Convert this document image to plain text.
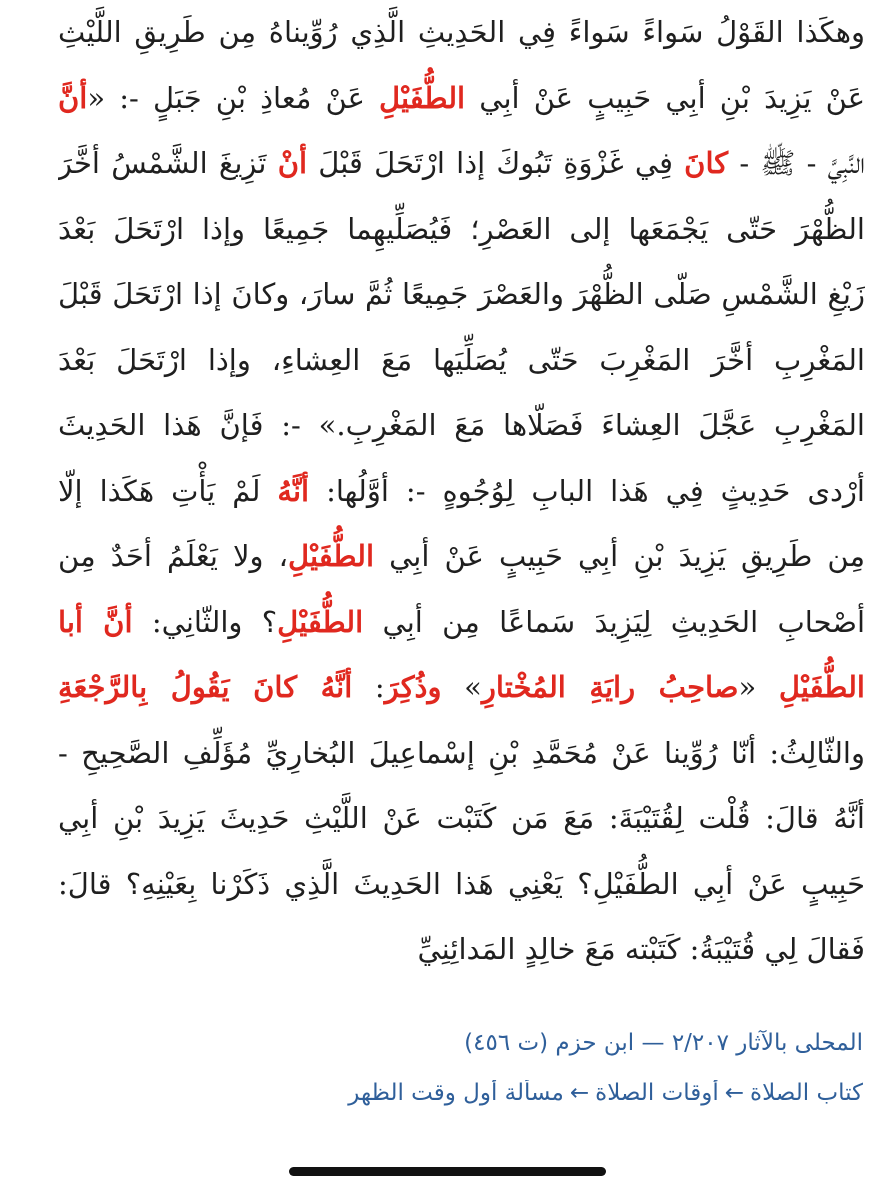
وهكَذا القَوْلُ سَواءً سَواءً فِي الحَدِيثِ الَّذِي رُوِّيناهُ مِن طَرِيقِ اللَّيْثِ
عَنْ يَزِيدَ بْنِ أبِي حَبِيبٍ عَنْ أبِي الطُّفَيْلِ عَنْ مُعاذِ بْنِ جَبَلٍ -: «أنَّ
النَّبِيَّ - ﷺ - كانَ فِي غَزْوَةِ تَبُوكَ إذا ارْتَحَلَ قَبْلَ أنْ تَزِيغَ الشَّمْسُ أخَّرَ
الظُّهْرَ حَتّى يَجْمَعَها إلى العَصْرِ؛ فَيُصَلِّيهِما جَمِيعًا وإذا ارْتَحَلَ بَعْدَ
زَيْغِ الشَّمْسِ صَلّى الظُّهْرَ والعَصْرَ جَمِيعًا ثُمَّ سارَ، وكانَ إذا ارْتَحَلَ قَبْلَ
المَغْرِبِ أخَّرَ المَغْرِبَ حَتّى يُصَلِّيَها مَعَ العِشاءِ، وإذا ارْتَحَلَ بَعْدَ
المَغْرِبِ عَجَّلَ العِشاءَ فَصَلّاها مَعَ المَغْرِبِ.» -: فَإنَّ هَذا الحَدِيثَ
أرْدى حَدِيثٍ فِي هَذا البابِ لِوُجُوهٍ -: أوَّلُها: أنَّهُ لَمْ يَأْتِ هَكَذا إلّا
مِن طَرِيقِ يَزِيدَ بْنِ أبِي حَبِيبٍ عَنْ أبِي الطُّفَيْلِ، ولا يَعْلَمُ أحَدٌ مِن
أصْحابِ الحَدِيثِ لِيَزِيدَ سَماعًا مِن أبِي الطُّفَيْلِ؟ والثّانِي: أنَّ أبا
الطُّفَيْلِ «صاحِبُ رايَةِ المُخْتارِ» وذُكِرَ: أنَّهُ كانَ يَقُولُ بِالرَّجْعَةِ
والثّالِثُ: أنّا رُوِّينا عَنْ مُحَمَّدِ بْنِ إسْماعِيلَ البُخارِيِّ مُؤَلِّفِ الصَّحِيحِ -
أنَّهُ قالَ: قُلْت لِقُتَيْبَةَ: مَعَ مَن كَتَبْت عَنْ اللَّيْثِ حَدِيثَ يَزِيدَ بْنِ أبِي
حَبِيبٍ عَنْ أبِي الطُّفَيْلِ؟ يَعْنِي هَذا الحَدِيثَ الَّذِي ذَكَرْنا بِعَيْنِهِ؟ قالَ:
فَقالَ لِي قُتَيْبَةُ: كَتَبْته مَعَ خالِدٍ المَدائِنِيِّ
المحلى بالآثار ٢/٢٠٧ — ابن حزم (ت ٤٥٦)
كتاب الصلاة←أوقات الصلاة←مسألة أول وقت الظهر
